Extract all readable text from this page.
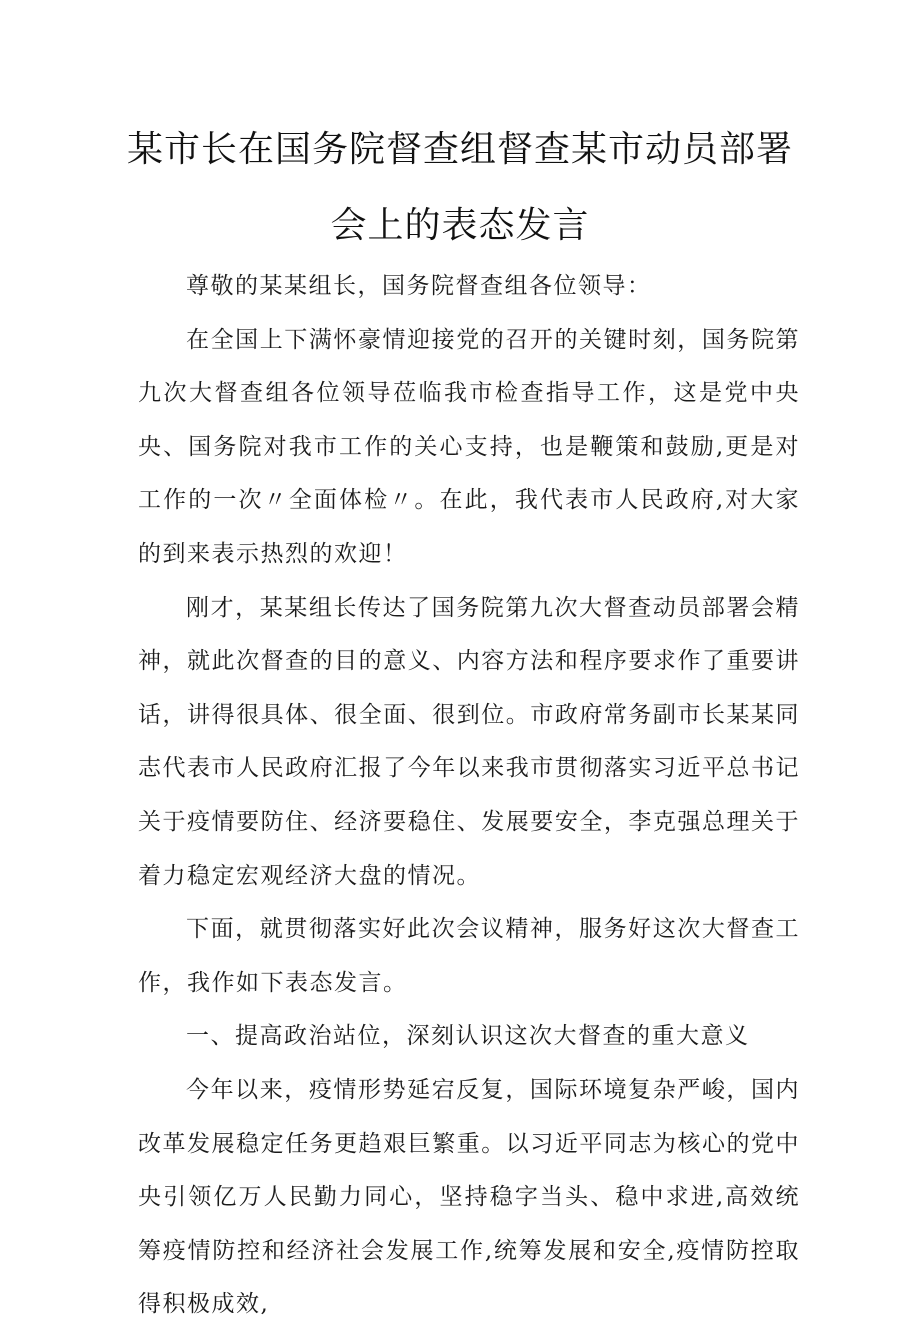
某市长在国务院督查组督查某市动员部署
会上的表态发言

尊敬的某某组长，国务院督查组各位领导：

在全国上下满怀豪情迎接党的召开的关键时刻，国务院第九次大督查组各位领导莅临我市检查指导工作，这是党中央央、国务院对我市工作的关心支持，也是鞭策和鼓励,更是对工作的一次〃全面体检〃。在此，我代表市人民政府,对大家的到来表示热烈的欢迎！

刚才，某某组长传达了国务院第九次大督查动员部署会精神，就此次督查的目的意义、内容方法和程序要求作了重要讲话，讲得很具体、很全面、很到位。市政府常务副市长某某同志代表市人民政府汇报了今年以来我市贯彻落实习近平总书记关于疫情要防住、经济要稳住、发展要安全，李克强总理关于着力稳定宏观经济大盘的情况。

下面，就贯彻落实好此次会议精神，服务好这次大督查工作，我作如下表态发言。

一、提高政治站位，深刻认识这次大督查的重大意义

今年以来，疫情形势延宕反复，国际环境复杂严峻，国内改革发展稳定任务更趋艰巨繁重。以习近平同志为核心的党中央引领亿万人民勤力同心，坚持稳字当头、稳中求进,高效统筹疫情防控和经济社会发展工作,统筹发展和安全,疫情防控取得积极成效,
